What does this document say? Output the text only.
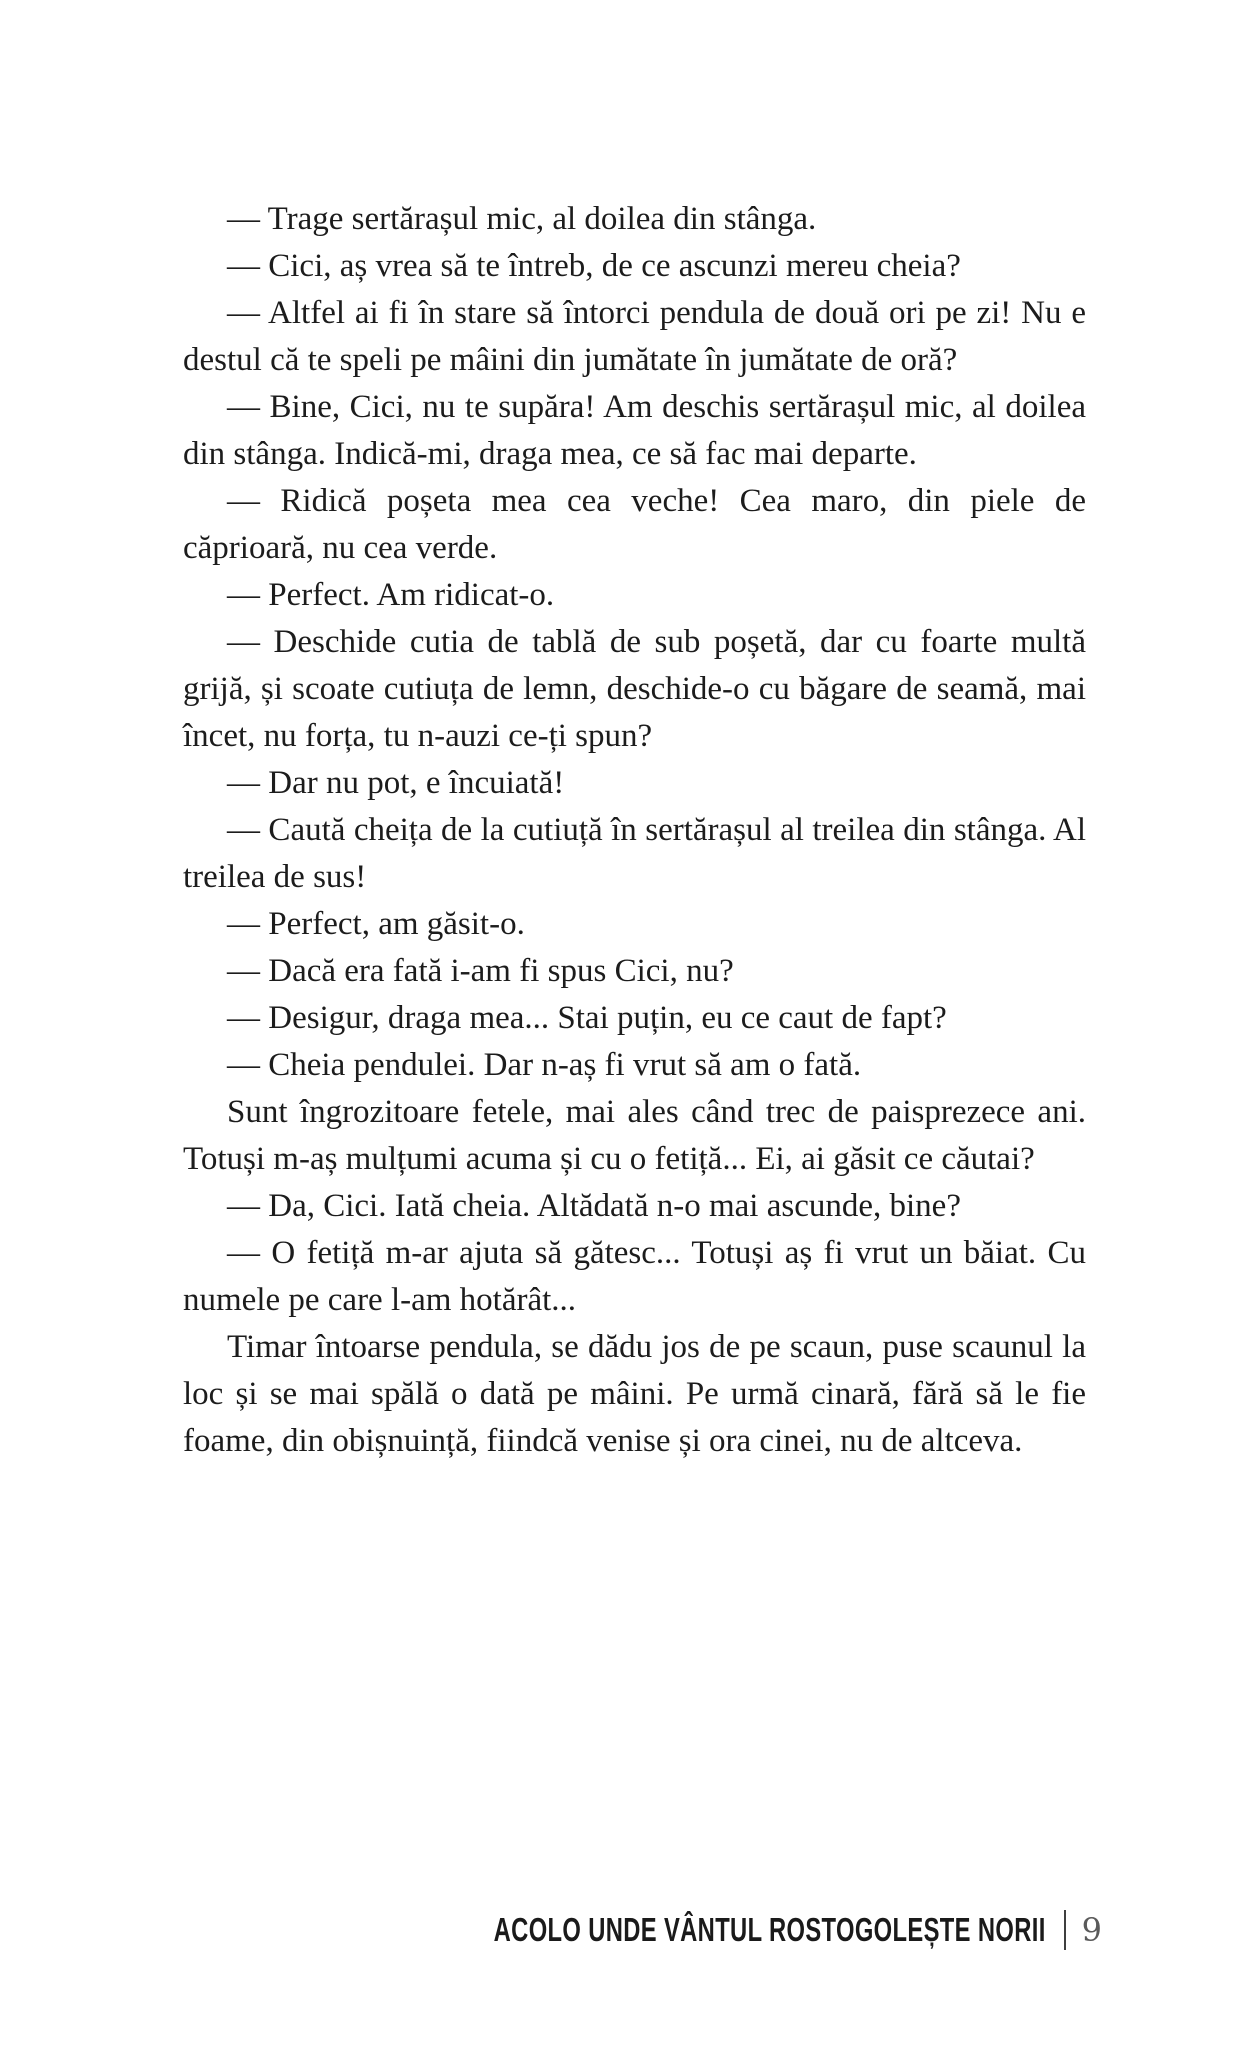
— Trage sertărașul mic, al doilea din stânga.

— Cici, aș vrea să te întreb, de ce ascunzi mereu cheia?

— Altfel ai fi în stare să întorci pendula de două ori pe zi! Nu e destul că te speli pe mâini din jumătate în jumătate de oră?

— Bine, Cici, nu te supăra! Am deschis sertărașul mic, al doilea din stânga. Indică-mi, draga mea, ce să fac mai departe.

— Ridică poșeta mea cea veche! Cea maro, din piele de căprioară, nu cea verde.

— Perfect. Am ridicat-o.

— Deschide cutia de tablă de sub poșetă, dar cu foarte multă grijă, și scoate cutiuța de lemn, deschide-o cu băgare de seamă, mai încet, nu forța, tu n-auzi ce-ți spun?

— Dar nu pot, e încuiată!

— Caută cheița de la cutiuță în sertărașul al treilea din stânga. Al treilea de sus!

— Perfect, am găsit-o.

— Dacă era fată i-am fi spus Cici, nu?

— Desigur, draga mea... Stai puțin, eu ce caut de fapt?

— Cheia pendulei. Dar n-aș fi vrut să am o fată.

Sunt îngrozitoare fetele, mai ales când trec de paisprezece ani. Totuși m-aș mulțumi acuma și cu o fetiță... Ei, ai găsit ce căutai?

— Da, Cici. Iată cheia. Altădată n-o mai ascunde, bine?

— O fetiță m-ar ajuta să gătesc... Totuși aș fi vrut un băiat. Cu numele pe care l-am hotărât...

Timar întoarse pendula, se dădu jos de pe scaun, puse scaunul la loc și se mai spălă o dată pe mâini. Pe urmă cinară, fără să le fie foame, din obișnuință, fiindcă venise și ora cinei, nu de altceva.

ACOLO UNDE VÂNTUL ROSTOGOLEȘTE NORII 9
